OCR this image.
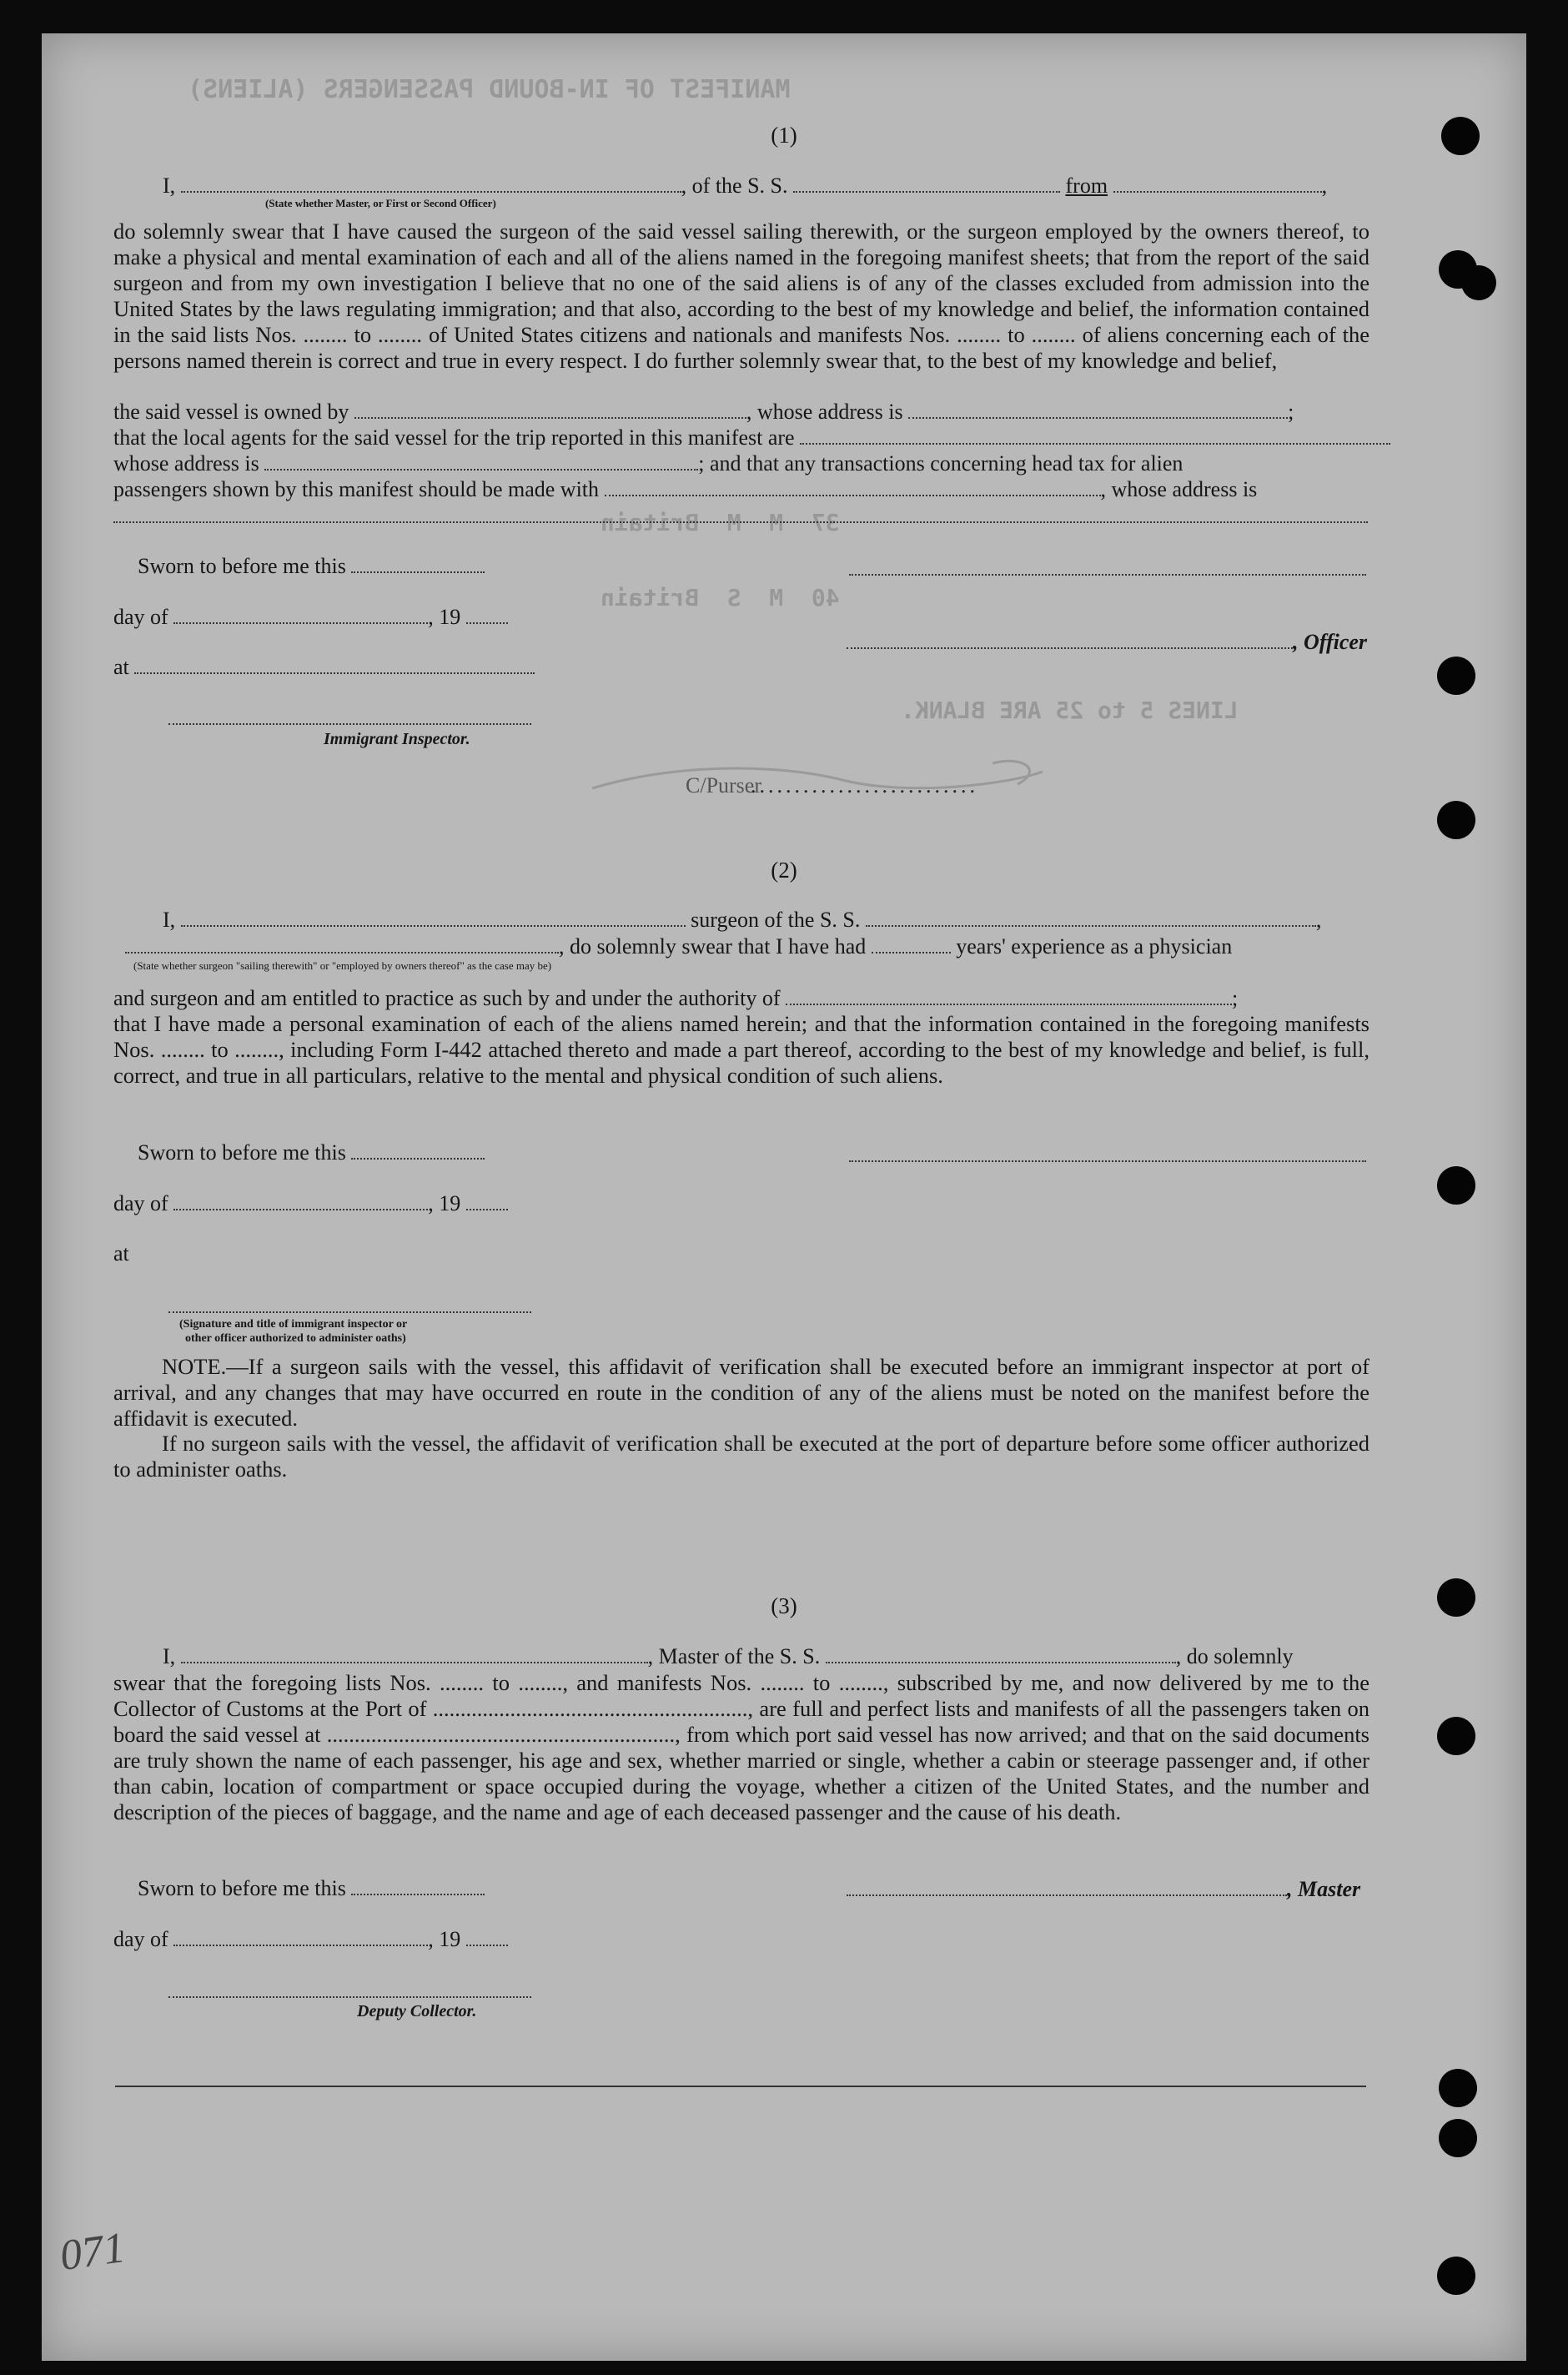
MANIFEST OF IN-BOUND PASSENGERS (ALIENS)
37  M  M  Britain
40  M  S  Britain
LINES 5 to 25 ARE BLANK.
(1)
I,	, of the S. S.	from	,
(State whether Master, or First or Second Officer)
do solemnly swear that I have caused the surgeon of the said vessel sailing therewith, or the surgeon employed by the owners thereof, to make a physical and mental examination of each and all of the aliens named in the foregoing manifest sheets; that from the report of the said surgeon and from my own investigation I believe that no one of the said aliens is of any of the classes excluded from admission into the United States by the laws regulating immigration; and that also, according to the best of my knowledge and belief, the information contained in the said lists Nos. ........ to ........ of United States citizens and nationals and manifests Nos. ........ to ........ of aliens concerning each of the persons named therein is correct and true in every respect. I do further solemnly swear that, to the best of my knowledge and belief,
the said vessel is owned by	, whose address is	;
that the local agents for the said vessel for the trip reported in this manifest are
whose address is	; and that any transactions concerning head tax for alien
passengers shown by this manifest should be made with	, whose address is
Sworn to before me this
day of	, 19
, Officer
at
Immigrant Inspector.
C/Purser
..........................
(2)
I,	surgeon of the S. S.	,
, do solemnly swear that I have had	years' experience as a physician
(State whether surgeon "sailing therewith" or "employed by owners thereof" as the case may be)
and surgeon and am entitled to practice as such by and under the authority of	;
that I have made a personal examination of each of the aliens named herein; and that the information contained in the foregoing manifests Nos. ........ to ........, including Form I-442 attached thereto and made a part thereof, according to the best of my knowledge and belief, is full, correct, and true in all particulars, relative to the mental and physical condition of such aliens.
Sworn to before me this
day of	, 19
at
(Signature and title of immigrant inspector or
other officer authorized to administer oaths)
NOTE.—If a surgeon sails with the vessel, this affidavit of verification shall be executed before an immigrant inspector at port of arrival, and any changes that may have occurred en route in the condition of any of the aliens must be noted on the manifest before the affidavit is executed.
If no surgeon sails with the vessel, the affidavit of verification shall be executed at the port of departure before some officer authorized to administer oaths.
(3)
I,	, Master of the S. S.	, do solemnly
swear that the foregoing lists Nos. ........ to ........, and manifests Nos. ........ to ........, subscribed by me, and now delivered by me to the Collector of Customs at the Port of ........................................................., are full and perfect lists and manifests of all the passengers taken on board the said vessel at ..............................................................., from which port said vessel has now arrived; and that on the said documents are truly shown the name of each passenger, his age and sex, whether married or single, whether a cabin or steerage passenger and, if other than cabin, location of compartment or space occupied during the voyage, whether a citizen of the United States, and the number and description of the pieces of baggage, and the name and age of each deceased passenger and the cause of his death.
Sworn to before me this	, Master
day of	, 19
Deputy Collector.
071
